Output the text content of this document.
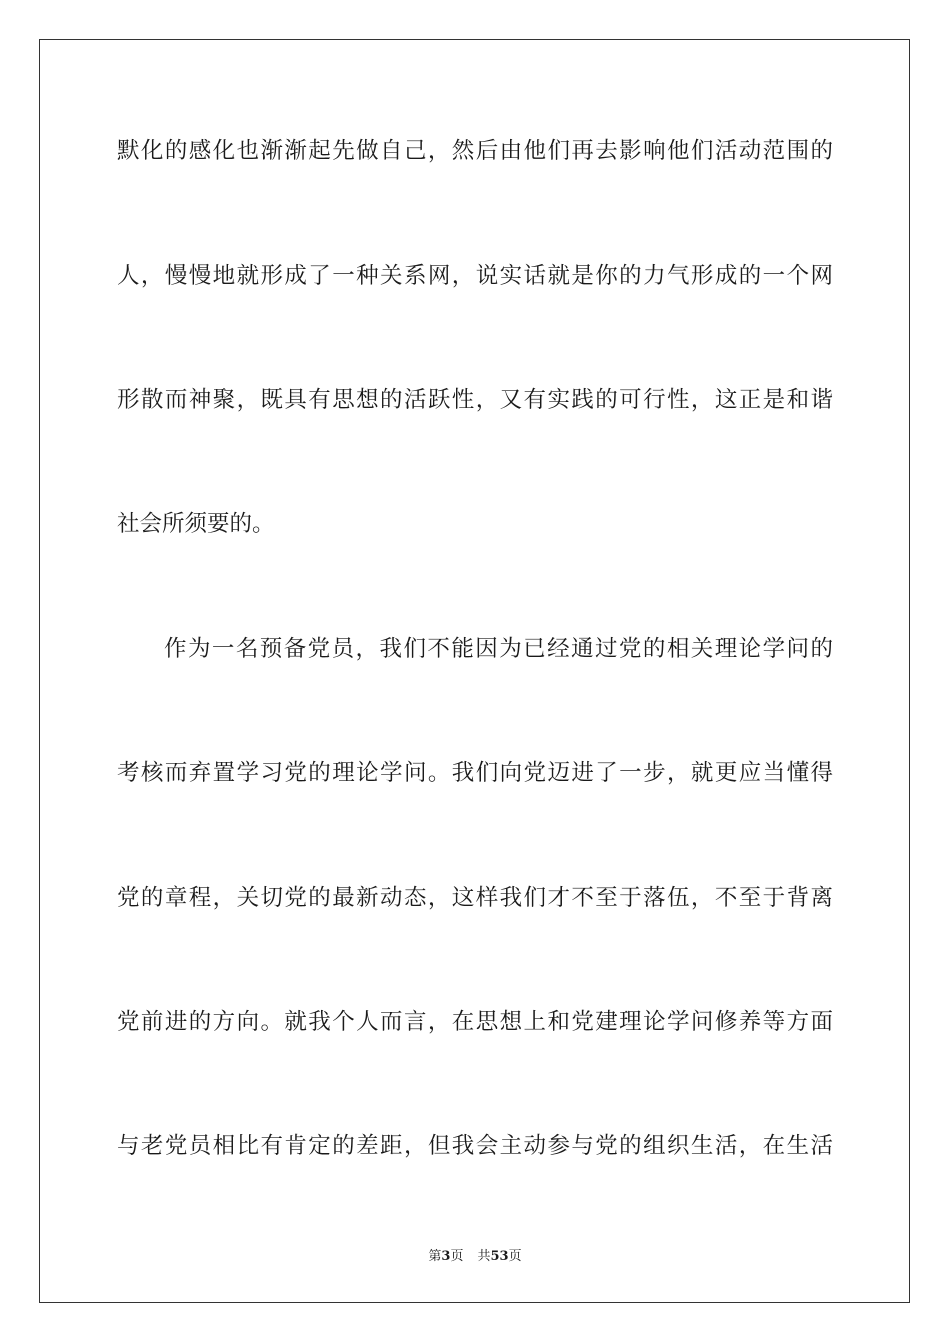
默化的感化也渐渐起先做自己，然后由他们再去影响他们活动范围的
人，慢慢地就形成了一种关系网，说实话就是你的力气形成的一个网
形散而神聚，既具有思想的活跃性，又有实践的可行性，这正是和谐
社会所须要的。
作为一名预备党员，我们不能因为已经通过党的相关理论学问的
考核而弃置学习党的理论学问。我们向党迈进了一步，就更应当懂得
党的章程，关切党的最新动态，这样我们才不至于落伍，不至于背离
党前进的方向。就我个人而言，在思想上和党建理论学问修养等方面
与老党员相比有肯定的差距，但我会主动参与党的组织生活，在生活
第3页 共53页
